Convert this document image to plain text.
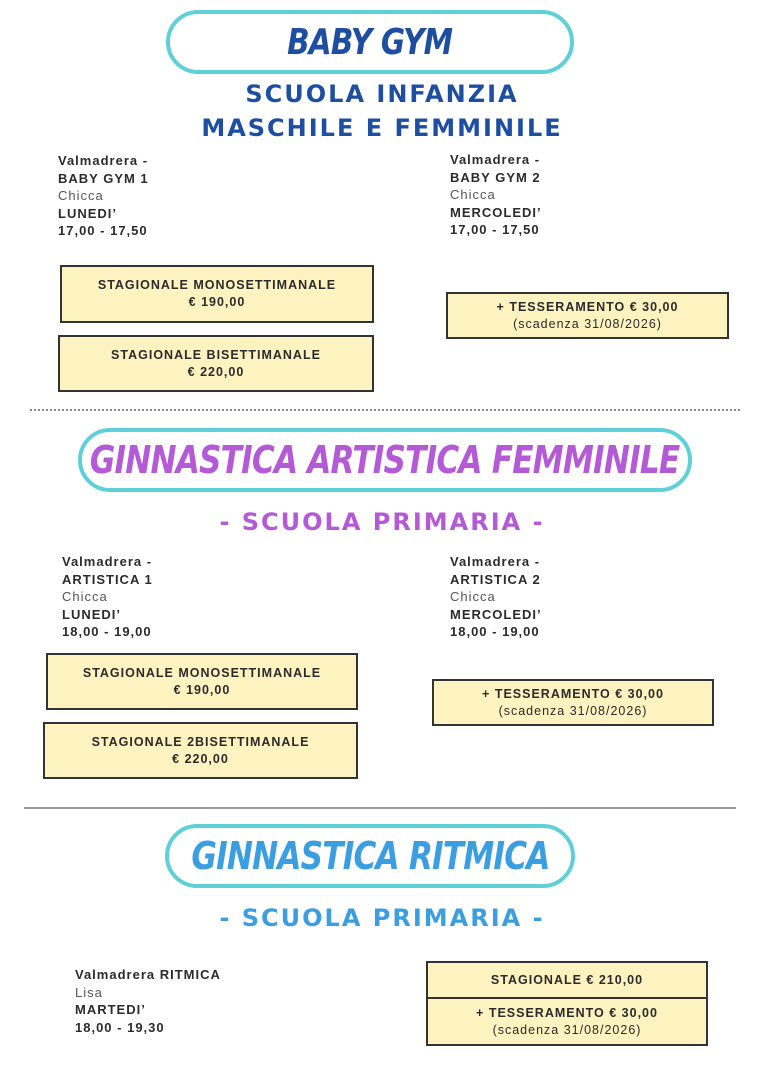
BABY GYM
SCUOLA INFANZIA
MASCHILE E FEMMINILE
Valmadrera -
BABY GYM 1
Chicca
LUNEDI’
17,00 - 17,50
Valmadrera -
BABY GYM 2
Chicca
MERCOLEDI’
17,00 - 17,50
STAGIONALE MONOSETTIMANALE
€ 190,00
STAGIONALE BISETTIMANALE
€ 220,00
+ TESSERAMENTO € 30,00
(scadenza 31/08/2026)
GINNASTICA ARTISTICA FEMMINILE
- SCUOLA PRIMARIA -
Valmadrera -
ARTISTICA 1
Chicca
LUNEDI’
18,00 - 19,00
Valmadrera -
ARTISTICA 2
Chicca
MERCOLEDI’
18,00 - 19,00
STAGIONALE MONOSETTIMANALE
€ 190,00
STAGIONALE 2BISETTIMANALE
€ 220,00
+ TESSERAMENTO € 30,00
(scadenza 31/08/2026)
GINNASTICA RITMICA
- SCUOLA PRIMARIA -
Valmadrera RITMICA
Lisa
MARTEDI’
18,00 - 19,30
STAGIONALE € 210,00
+ TESSERAMENTO € 30,00
(scadenza 31/08/2026)
